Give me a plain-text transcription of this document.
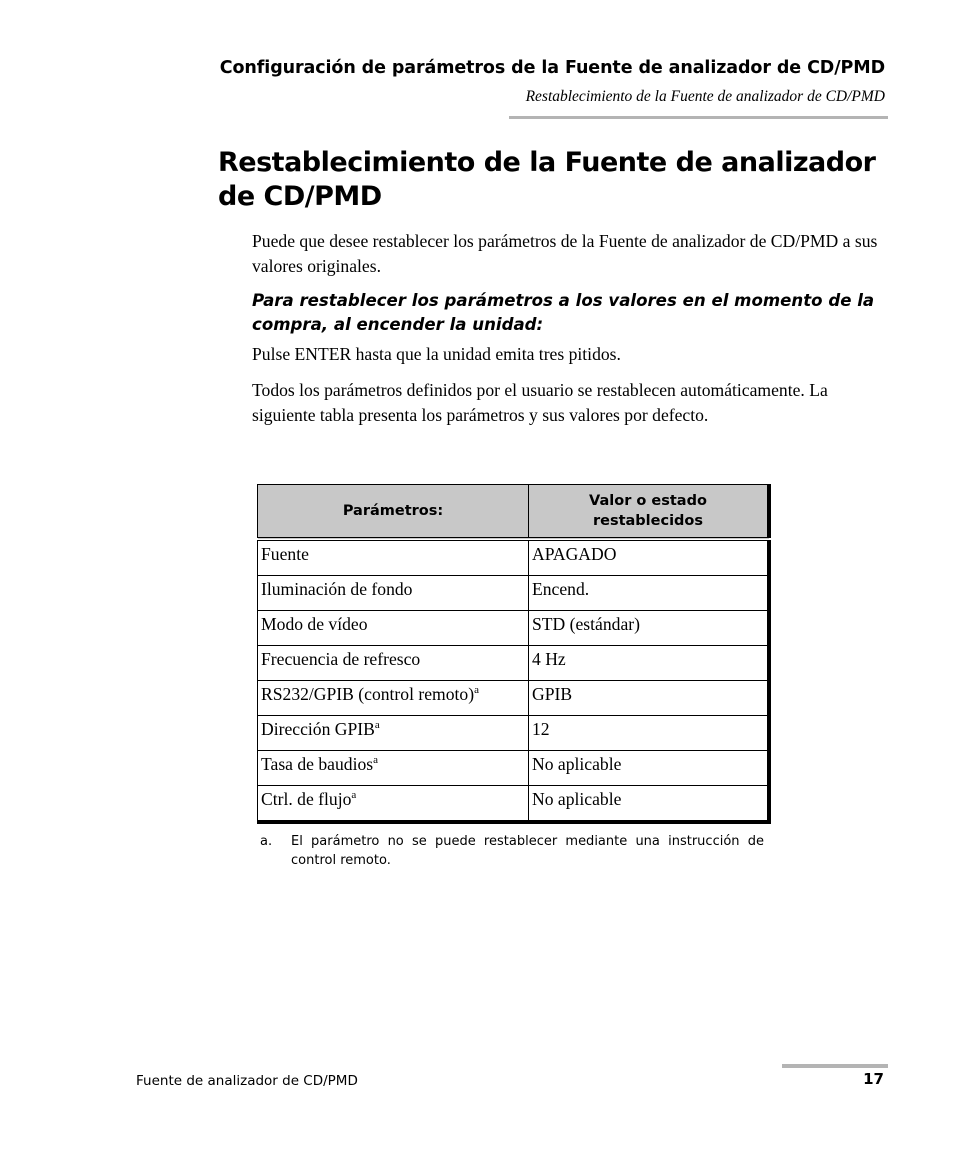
Configuración de parámetros de la Fuente de analizador de CD/PMD
Restablecimiento de la Fuente de analizador de CD/PMD
Restablecimiento de la Fuente de analizador de CD/PMD
Puede que desee restablecer los parámetros de la Fuente de analizador de CD/PMD a sus valores originales.
Para restablecer los parámetros a los valores en el momento de la compra, al encender la unidad:
Pulse ENTER hasta que la unidad emita tres pitidos.
Todos los parámetros definidos por el usuario se restablecen automáticamente. La siguiente tabla presenta los parámetros y sus valores por defecto.
Parámetros:	Valor o estado restablecidos
Fuente	APAGADO
Iluminación de fondo	Encend.
Modo de vídeo	STD (estándar)
Frecuencia de refresco	4 Hz
RS232/GPIB (control remoto)$^a$	GPIB
Dirección GPIB$^a$	12
Tasa de baudios$^a$	No aplicable
Ctrl. de flujo$^a$	No aplicable
a. El parámetro no se puede restablecer mediante una instrucción de control remoto.
Fuente de analizador de CD/PMD	17
